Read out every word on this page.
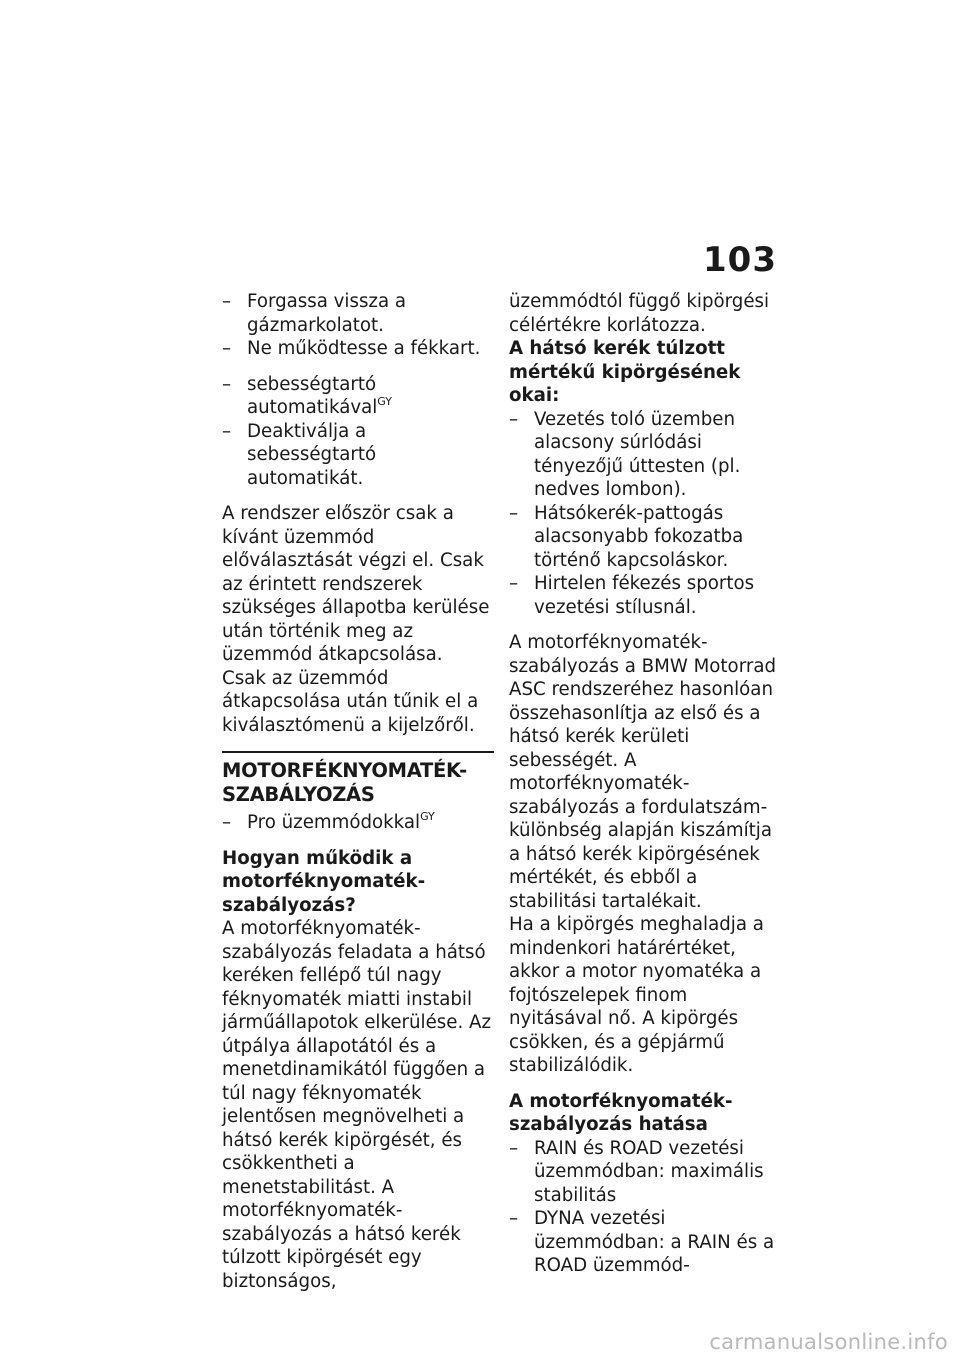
103

– Forgassa vissza a gázmarkolatot.

– Ne működtesse a fékkart.

– sebességtartó automatikával$^{GY}$

– Deaktiválja a sebességtartó automatikát.

A rendszer először csak a kívánt üzemmód előválasztását végzi el. Csak az érintett rendszerek szükséges állapotba kerülése után történik meg az üzemmód átkapcsolása.

Csak az üzemmód átkapcsolása után tűnik el a kiválasztómenü a kijelzőről.

MOTORFÉKNYOMATÉK-SZABÁLYOZÁS

– Pro üzemmódokkal$^{GY}$

Hogyan működik a motorféknyomaték-szabályozás?

A motorféknyomaték-szabályozás feladata a hátsó keréken fellépő túl nagy féknyomaték miatti instabil járműállapotok elkerülése. Az útpálya állapotától és a menetdinamikától függően a túl nagy féknyomaték jelentősen megnövelheti a hátsó kerék kipörgését, és csökkentheti a menetstabilitást. A motorféknyomaték-szabályozás a hátsó kerék túlzott kipörgését egy biztonságos,

üzemmódtól függő kipörgési célértékre korlátozza.

A hátsó kerék túlzott mértékű kipörgésének okai:

– Vezetés toló üzemben alacsony súrlódási tényezőjű úttesten (pl. nedves lombon).

– Hátsókerék-pattogás alacsonyabb fokozatba történő kapcsoláskor.

– Hirtelen fékezés sportos vezetési stílusnál.

A motorféknyomaték-szabályozás a BMW Motorrad ASC rendszeréhez hasonlóan összehasonlítja az első és a hátsó kerék kerületi sebességét. A motorféknyomaték-szabályozás a fordulatszám-különbség alapján kiszámítja a hátsó kerék kipörgésének mértékét, és ebből a stabilitási tartalékait.

Ha a kipörgés meghaladja a mindenkori határértéket, akkor a motor nyomatéka a fojtószelepek finom nyitásával nő. A kipörgés csökken, és a gépjármű stabilizálódik.

A motorféknyomaték-szabályozás hatása

– RAIN és ROAD vezetési üzemmódban: maximális stabilitás

– DYNA vezetési üzemmódban: a RAIN és a ROAD üzemmód-

carmanualsonline.info
